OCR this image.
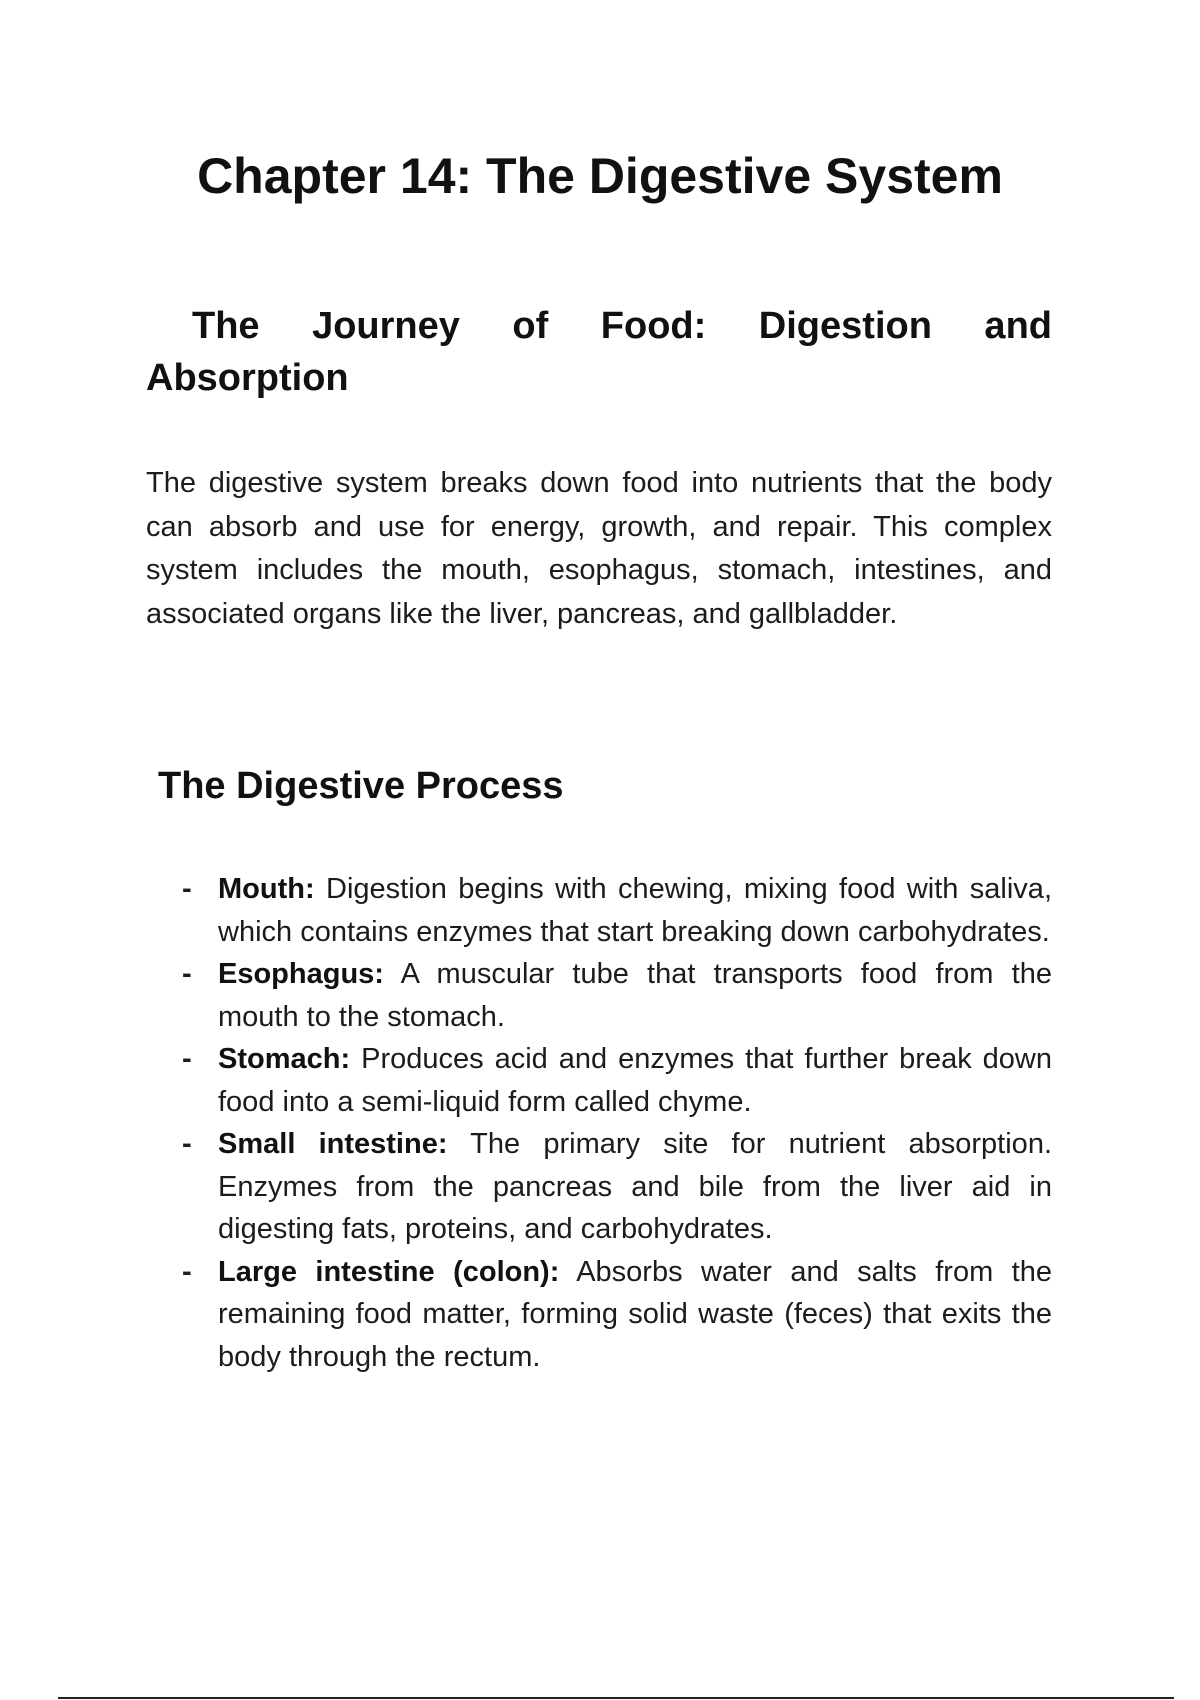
Chapter 14: The Digestive System
The Journey of Food: Digestion and Absorption

The digestive system breaks down food into nutrients that the body can absorb and use for energy, growth, and repair. This complex system includes the mouth, esophagus, stomach, intestines, and associated organs like the liver, pancreas, and gallbladder.

The Digestive Process
- Mouth: Digestion begins with chewing, mixing food with saliva, which contains enzymes that start breaking down carbohydrates.
- Esophagus: A muscular tube that transports food from the mouth to the stomach.
- Stomach: Produces acid and enzymes that further break down food into a semi-liquid form called chyme.
- Small intestine: The primary site for nutrient absorption. Enzymes from the pancreas and bile from the liver aid in digesting fats, proteins, and carbohydrates.
- Large intestine (colon): Absorbs water and salts from the remaining food matter, forming solid waste (feces) that exits the body through the rectum.
